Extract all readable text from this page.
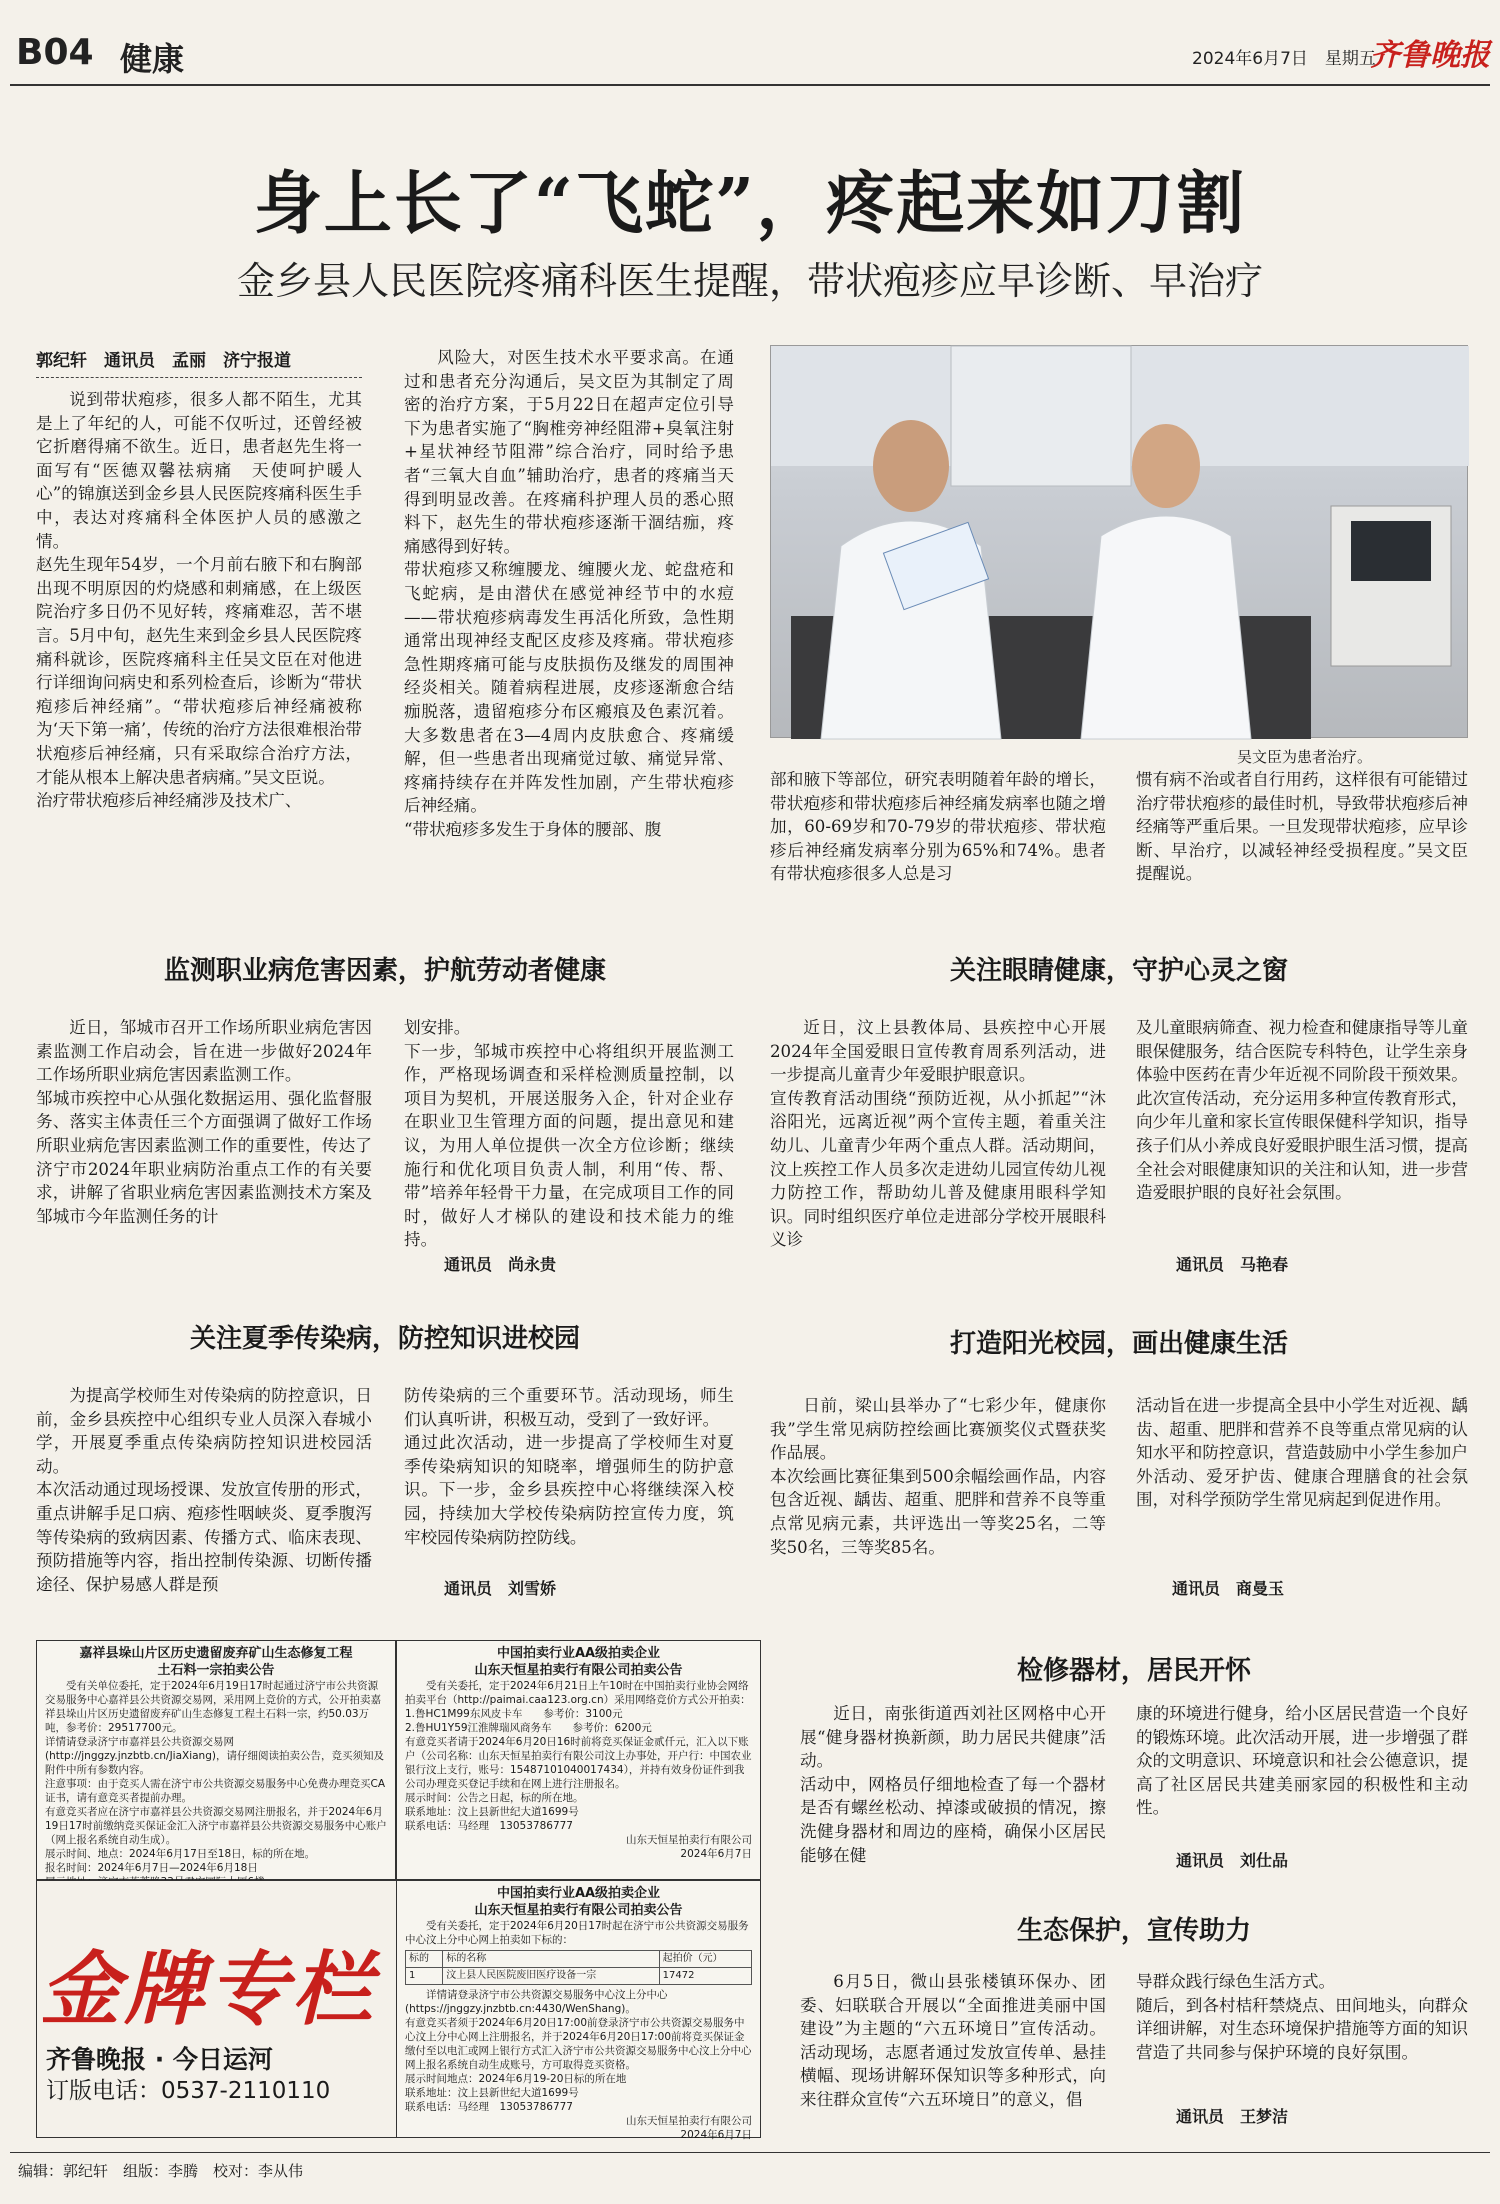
B04 健康	2024年6月7日　星期五
齐鲁晚报
身上长了“飞蛇”，疼起来如刀割
金乡县人民医院疼痛科医生提醒，带状疱疹应早诊断、早治疗
郭纪轩　通讯员　孟丽　济宁报道
说到带状疱疹，很多人都不陌生，尤其是上了年纪的人，可能不仅听过，还曾经被它折磨得痛不欲生。近日，患者赵先生将一面写有“医德双馨祛病痛　天使呵护暖人心”的锦旗送到金乡县人民医院疼痛科医生手中，表达对疼痛科全体医护人员的感激之情。
赵先生现年54岁，一个月前右腋下和右胸部出现不明原因的灼烧感和刺痛感，在上级医院治疗多日仍不见好转，疼痛难忍，苦不堪言。5月中旬，赵先生来到金乡县人民医院疼痛科就诊，医院疼痛科主任吴文臣在对他进行详细询问病史和系列检查后，诊断为“带状疱疹后神经痛”。“带状疱疹后神经痛被称为‘天下第一痛’，传统的治疗方法很难根治带状疱疹后神经痛，只有采取综合治疗方法，才能从根本上解决患者病痛。”吴文臣说。
治疗带状疱疹后神经痛涉及技术广、
风险大，对医生技术水平要求高。在通过和患者充分沟通后，吴文臣为其制定了周密的治疗方案，于5月22日在超声定位引导下为患者实施了“胸椎旁神经阻滞+臭氧注射+星状神经节阻滞”综合治疗，同时给予患者“三氧大自血”辅助治疗，患者的疼痛当天得到明显改善。在疼痛科护理人员的悉心照料下，赵先生的带状疱疹逐渐干涸结痂，疼痛感得到好转。
带状疱疹又称缠腰龙、缠腰火龙、蛇盘疮和飞蛇病，是由潜伏在感觉神经节中的水痘——带状疱疹病毒发生再活化所致，急性期通常出现神经支配区皮疹及疼痛。带状疱疹急性期疼痛可能与皮肤损伤及继发的周围神经炎相关。随着病程进展，皮疹逐渐愈合结痂脱落，遗留疱疹分布区瘢痕及色素沉着。大多数患者在3—4周内皮肤愈合、疼痛缓解，但一些患者出现痛觉过敏、痛觉异常、疼痛持续存在并阵发性加剧，产生带状疱疹后神经痛。
“带状疱疹多发生于身体的腰部、腹
吴文臣为患者治疗。
部和腋下等部位，研究表明随着年龄的增长，带状疱疹和带状疱疹后神经痛发病率也随之增加，60-69岁和70-79岁的带状疱疹、带状疱疹后神经痛发病率分别为65%和74%。患者有带状疱疹很多人总是习
惯有病不治或者自行用药，这样很有可能错过治疗带状疱疹的最佳时机，导致带状疱疹后神经痛等严重后果。一旦发现带状疱疹，应早诊断、早治疗，以减轻神经受损程度。”吴文臣提醒说。
监测职业病危害因素，护航劳动者健康
近日，邹城市召开工作场所职业病危害因素监测工作启动会，旨在进一步做好2024年工作场所职业病危害因素监测工作。
邹城市疾控中心从强化数据运用、强化监督服务、落实主体责任三个方面强调了做好工作场所职业病危害因素监测工作的重要性，传达了济宁市2024年职业病防治重点工作的有关要求，讲解了省职业病危害因素监测技术方案及邹城市今年监测任务的计
划安排。
下一步，邹城市疾控中心将组织开展监测工作，严格现场调查和采样检测质量控制，以项目为契机，开展送服务入企，针对企业存在职业卫生管理方面的问题，提出意见和建议，为用人单位提供一次全方位诊断；继续施行和优化项目负责人制，利用“传、帮、带”培养年轻骨干力量，在完成项目工作的同时，做好人才梯队的建设和技术能力的维持。
通讯员　尚永贵
关注眼睛健康，守护心灵之窗
近日，汶上县教体局、县疾控中心开展2024年全国爱眼日宣传教育周系列活动，进一步提高儿童青少年爱眼护眼意识。
宣传教育活动围绕“预防近视，从小抓起”“沐浴阳光，远离近视”两个宣传主题，着重关注幼儿、儿童青少年两个重点人群。活动期间，汶上疾控工作人员多次走进幼儿园宣传幼儿视力防控工作，帮助幼儿普及健康用眼科学知识。同时组织医疗单位走进部分学校开展眼科义诊
及儿童眼病筛查、视力检查和健康指导等儿童眼保健服务，结合医院专科特色，让学生亲身体验中医药在青少年近视不同阶段干预效果。
此次宣传活动，充分运用多种宣传教育形式，向少年儿童和家长宣传眼保健科学知识，指导孩子们从小养成良好爱眼护眼生活习惯，提高全社会对眼健康知识的关注和认知，进一步营造爱眼护眼的良好社会氛围。
通讯员　马艳春
关注夏季传染病，防控知识进校园
为提高学校师生对传染病的防控意识，日前，金乡县疾控中心组织专业人员深入春城小学，开展夏季重点传染病防控知识进校园活动。
本次活动通过现场授课、发放宣传册的形式，重点讲解手足口病、疱疹性咽峡炎、夏季腹泻等传染病的致病因素、传播方式、临床表现、预防措施等内容，指出控制传染源、切断传播途径、保护易感人群是预
防传染病的三个重要环节。活动现场，师生们认真听讲，积极互动，受到了一致好评。
通过此次活动，进一步提高了学校师生对夏季传染病知识的知晓率，增强师生的防护意识。下一步，金乡县疾控中心将继续深入校园，持续加大学校传染病防控宣传力度，筑牢校园传染病防控防线。
通讯员　刘雪娇
打造阳光校园，画出健康生活
日前，梁山县举办了“七彩少年，健康你我”学生常见病防控绘画比赛颁奖仪式暨获奖作品展。
本次绘画比赛征集到500余幅绘画作品，内容包含近视、龋齿、超重、肥胖和营养不良等重点常见病元素，共评选出一等奖25名，二等奖50名，三等奖85名。
活动旨在进一步提高全县中小学生对近视、龋齿、超重、肥胖和营养不良等重点常见病的认知水平和防控意识，营造鼓励中小学生参加户外活动、爱牙护齿、健康合理膳食的社会氛围，对科学预防学生常见病起到促进作用。
通讯员　商曼玉
嘉祥县垛山片区历史遗留废弃矿山生态修复工程
土石料一宗拍卖公告
受有关单位委托，定于2024年6月19日17时起通过济宁市公共资源交易服务中心嘉祥县公共资源交易网，采用网上竞价的方式，公开拍卖嘉祥县垛山片区历史遗留废弃矿山生态修复工程土石料一宗，约50.03万吨，参考价：29517700元。
详情请登录济宁市嘉祥县公共资源交易网(http://jnggzy.jnzbtb.cn/JiaXiang)，请仔细阅读拍卖公告，竞买须知及附件中所有参数内容。
注意事项：由于竞买人需在济宁市公共资源交易服务中心免费办理竞买CA证书，请有意竞买者提前办理。
有意竞买者应在济宁市嘉祥县公共资源交易网注册报名，并于2024年6月19日17时前缴纳竞买保证金汇入济宁市嘉祥县公共资源交易服务中心账户（网上报名系统自动生成）。
展示时间、地点：2024年6月17日至18日，标的所在地。
报名时间：2024年6月7日—2024年6月18日

中国拍卖行业AA级拍卖企业
山东天恒星拍卖行有限公司拍卖公告
受有关委托，定于2024年6月21日上午10时在中国拍卖行业协会网络拍卖平台（http://paimai.caa123.org.cn）采用网络竞价方式公开拍卖：
1.鲁HC1M99东风皮卡车　　参考价：3100元
2.鲁HU1Y59江淮牌瑞风商务车　　参考价：6200元
有意竞买者请于2024年6月20日16时前将竞买保证金贰仟元，汇入以下账户（公司名称：山东天恒星拍卖行有限公司汶上办事处，开户行：中国农业银行汶上支行，账号：15487101040017434），并持有效身份证件到我公司办理竞买登记手续和在网上进行注册报名。
展示时间：公告之日起，标的所在地。
联系地址：汶上县新世纪大道1699号
联系电话：马经理　13053786777
山东天恒星拍卖行有限公司
2024年6月7日
金牌专栏
齐鲁晚报 · 今日运河
订版电话：0537-2110110
中国拍卖行业AA级拍卖企业
山东天恒星拍卖行有限公司拍卖公告
受有关委托，定于2024年6月20日17时起在济宁市公共资源交易服务中心汶上分中心网上拍卖如下标的：
标的	标的名称	起拍价（元）
1	汶上县人民医院废旧医疗设备一宗	17472
详情请登录济宁市公共资源交易服务中心汶上分中心(https://jnggzy.jnzbtb.cn:4430/WenShang)。
有意竞买者须于2024年6月20日17:00前登录济宁市公共资源交易服务中心汶上分中心网上注册报名，并于2024年6月20日17:00前将竞买保证金缴付至以电汇或网上银行方式汇入济宁市公共资源交易服务中心汶上分中心网上报名系统自动生成账号，方可取得竞买资格。
展示时间地点：2024年6月19-20日标的所在地
联系地址：汶上县新世纪大道1699号
联系电话：马经理　13053786777
山东天恒星拍卖行有限公司
2024年6月7日
检修器材，居民开怀
近日，南张街道西刘社区网格中心开展“健身器材换新颜，助力居民共健康”活动。
活动中，网格员仔细地检查了每一个器材是否有螺丝松动、掉漆或破损的情况，擦洗健身器材和周边的座椅，确保小区居民能够在健
康的环境进行健身，给小区居民营造一个良好的锻炼环境。此次活动开展，进一步增强了群众的文明意识、环境意识和社会公德意识，提高了社区居民共建美丽家园的积极性和主动性。
通讯员　刘仕品
生态保护，宣传助力
6月5日，微山县张楼镇环保办、团委、妇联联合开展以“全面推进美丽中国建设”为主题的“六五环境日”宣传活动。活动现场，志愿者通过发放宣传单、悬挂横幅、现场讲解环保知识等多种形式，向来往群众宣传“六五环境日”的意义，倡
导群众践行绿色生活方式。
随后，到各村桔秆禁烧点、田间地头，向群众详细讲解，对生态环境保护措施等方面的知识营造了共同参与保护环境的良好氛围。
通讯员　王梦洁
编辑：郭纪轩　组版：李腾　校对：李从伟
